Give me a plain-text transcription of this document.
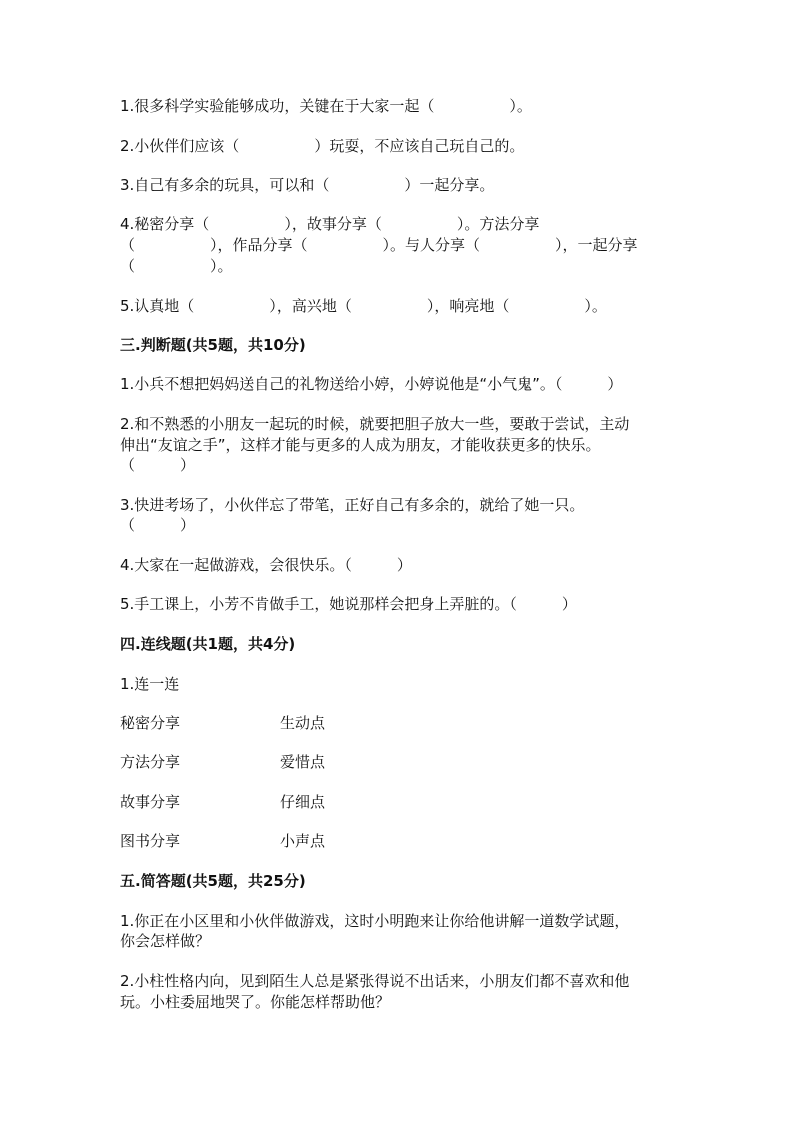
1.很多科学实验能够成功，关键在于大家一起（　　　　　）。
2.小伙伴们应该（　　　　　）玩耍，不应该自己玩自己的。
3.自己有多余的玩具，可以和（　　　　　）一起分享。
4.秘密分享（　　　　　），故事分享（　　　　　）。方法分享
（　　　　　），作品分享（　　　　　）。与人分享（　　　　　），一起分享
（　　　　　）。
5.认真地（　　　　　），高兴地（　　　　　），响亮地（　　　　　）。
三.判断题(共5题，共10分)
1.小兵不想把妈妈送自己的礼物送给小婷，小婷说他是“小气鬼”。（　　　）
2.和不熟悉的小朋友一起玩的时候，就要把胆子放大一些，要敢于尝试，主动
伸出“友谊之手”，这样才能与更多的人成为朋友，才能收获更多的快乐。
（　　　）
3.快进考场了，小伙伴忘了带笔，正好自己有多余的，就给了她一只。
（　　　）
4.大家在一起做游戏，会很快乐。（　　　）
5.手工课上，小芳不肯做手工，她说那样会把身上弄脏的。（　　　）
四.连线题(共1题，共4分)
1.连一连
秘密分享	生动点
方法分享	爱惜点
故事分享	仔细点
图书分享	小声点
五.简答题(共5题，共25分)
1.你正在小区里和小伙伴做游戏，这时小明跑来让你给他讲解一道数学试题，
你会怎样做？
2.小柱性格内向，见到陌生人总是紧张得说不出话来，小朋友们都不喜欢和他
玩。小柱委屈地哭了。你能怎样帮助他？
